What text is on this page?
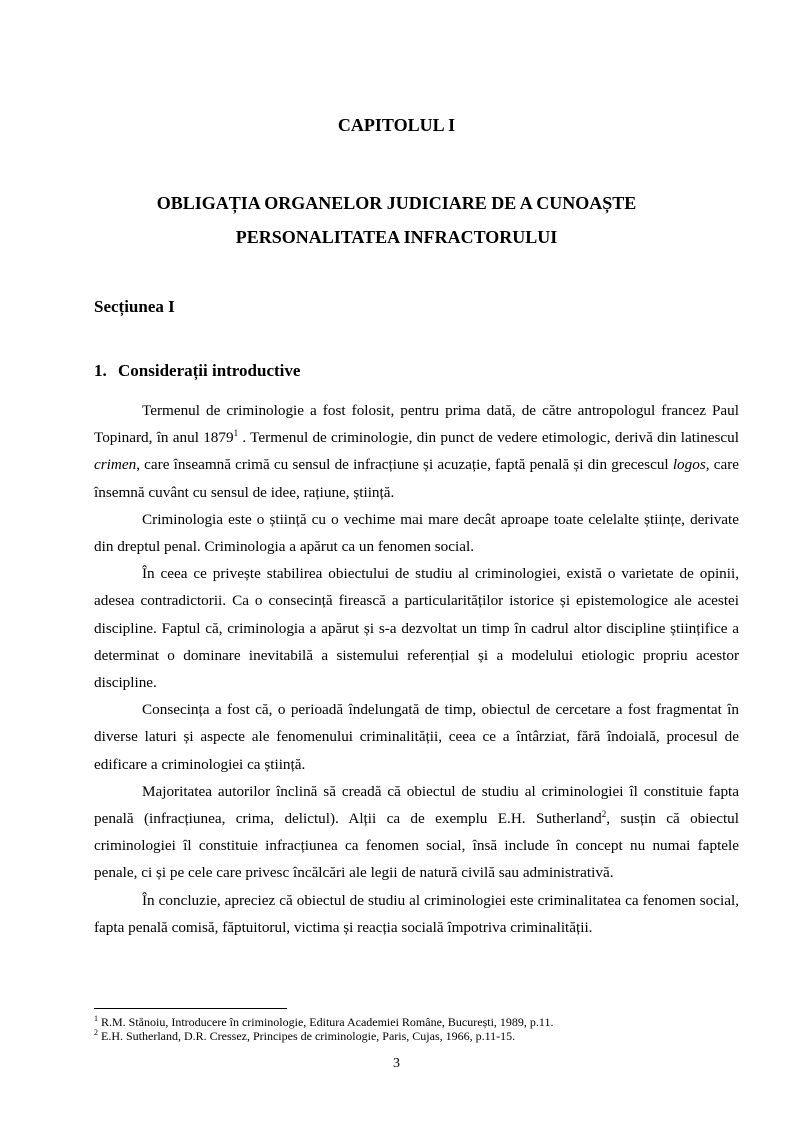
CAPITOLUL I
OBLIGAȚIA ORGANELOR JUDICIARE DE A CUNOAȘTE
PERSONALITATEA INFRACTORULUI
Secțiunea I
1. Considerații introductive

Termenul de criminologie a fost folosit, pentru prima dată, de către antropologul francez Paul Topinard, în anul 1879$^1$ . Termenul de criminologie, din punct de vedere etimologic, derivă din latinescul crimen, care înseamnă crimă cu sensul de infracțiune și acuzație, faptă penală și din grecescul logos, care însemnă cuvânt cu sensul de idee, rațiune, știință.

Criminologia este o știință cu o vechime mai mare decât aproape toate celelalte științe, derivate din dreptul penal. Criminologia a apărut ca un fenomen social.

În ceea ce privește stabilirea obiectului de studiu al criminologiei, există o varietate de opinii, adesea contradictorii. Ca o consecință firească a particularităților istorice și epistemologice ale acestei discipline. Faptul că, criminologia a apărut și s-a dezvoltat un timp în cadrul altor discipline științifice a determinat o dominare inevitabilă a sistemului referențial și a modelului etiologic propriu acestor discipline.

Consecința a fost că, o perioadă îndelungată de timp, obiectul de cercetare a fost fragmentat în diverse laturi și aspecte ale fenomenului criminalității, ceea ce a întârziat, fără îndoială, procesul de edificare a criminologiei ca știință.

Majoritatea autorilor înclină să creadă că obiectul de studiu al criminologiei îl constituie fapta penală (infracțiunea, crima, delictul). Alții ca de exemplu E.H. Sutherland$^2$, susțin că obiectul criminologiei îl constituie infracțiunea ca fenomen social, însă include în concept nu numai faptele penale, ci și pe cele care privesc încălcări ale legii de natură civilă sau administrativă.

În concluzie, apreciez că obiectul de studiu al criminologiei este criminalitatea ca fenomen social, fapta penală comisă, făptuitorul, victima și reacția socială împotriva criminalității.

$^1$ R.M. Stănoiu, Introducere în criminologie, Editura Academiei Române, București, 1989, p.11.
$^2$ E.H. Sutherland, D.R. Cressez, Principes de criminologie, Paris, Cujas, 1966, p.11-15.
3
